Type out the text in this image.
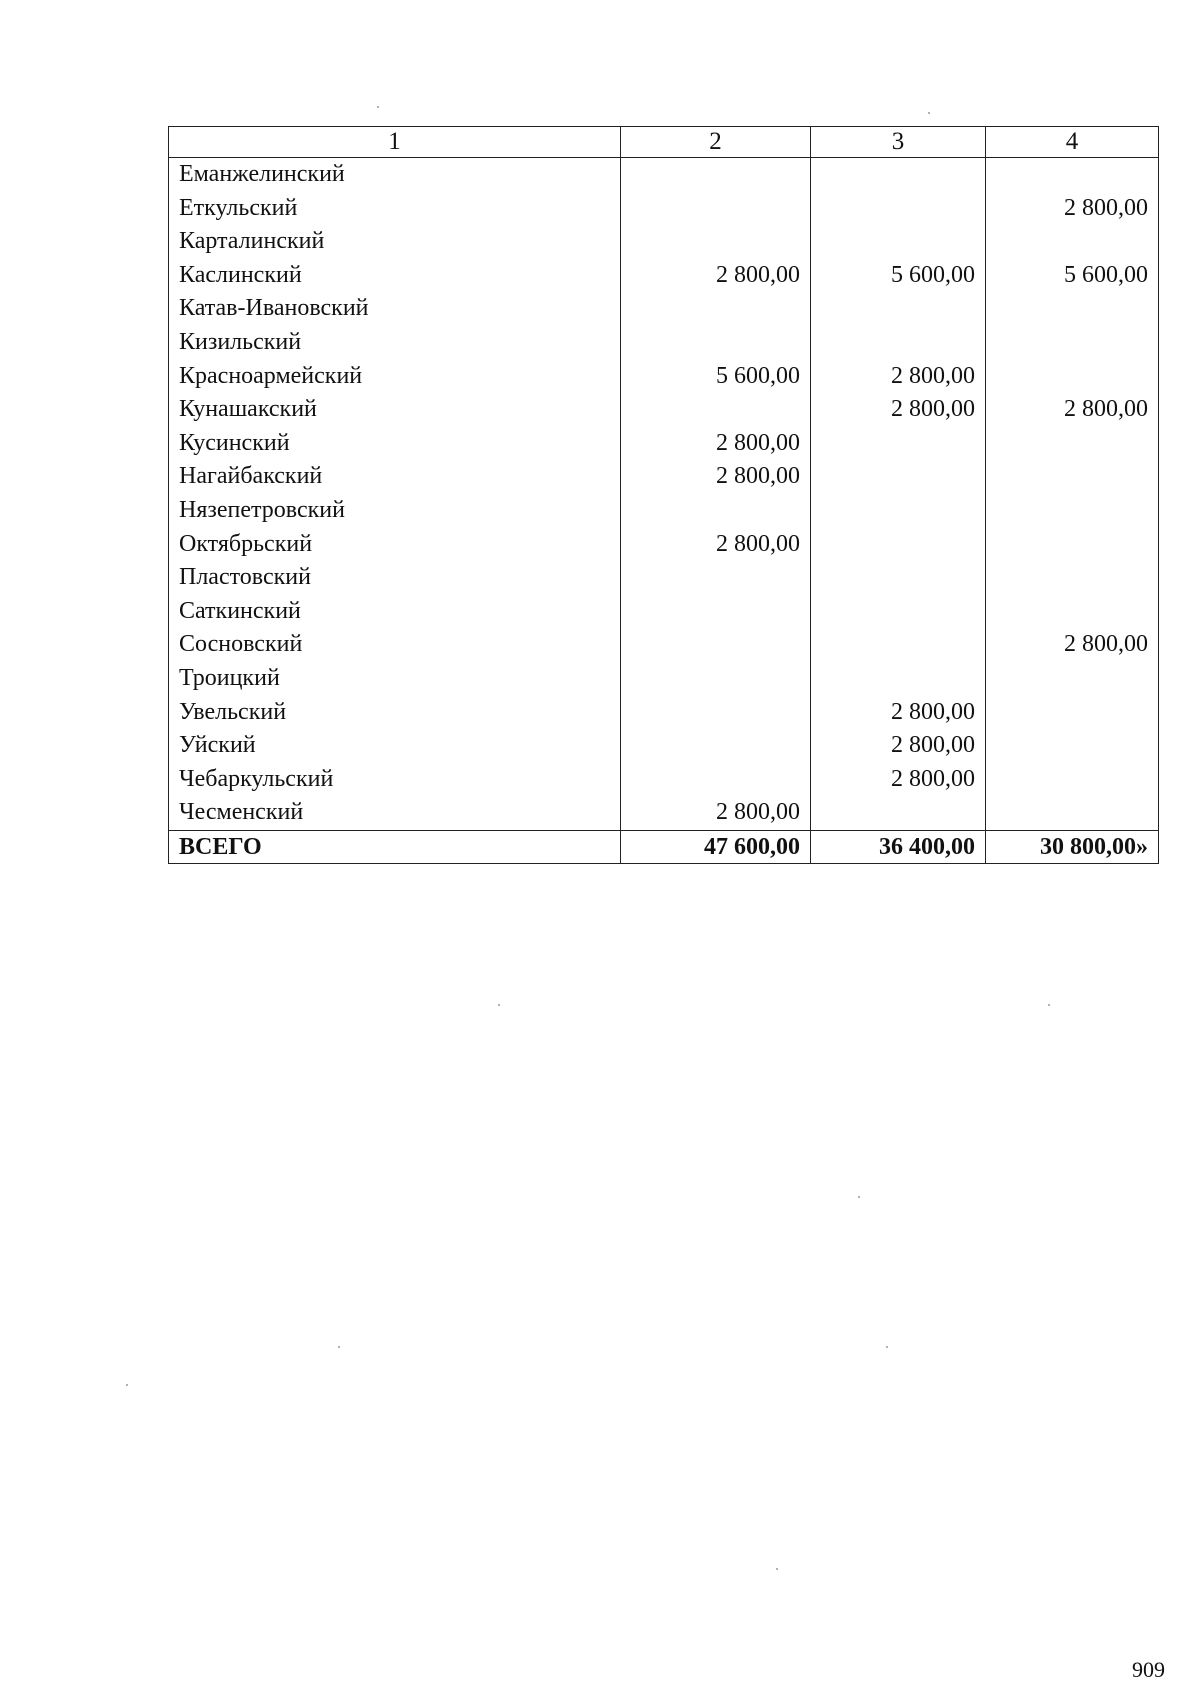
1	2	3	4
Еманжелинский			
Еткульский			2 800,00
Карталинский			
Каслинский	2 800,00	5 600,00	5 600,00
Катав-Ивановский			
Кизильский			
Красноармейский	5 600,00	2 800,00	
Кунашакский		2 800,00	2 800,00
Кусинский	2 800,00		
Нагайбакский	2 800,00		
Нязепетровский			
Октябрьский	2 800,00		
Пластовский			
Саткинский			
Сосновский			2 800,00
Троицкий			
Увельский		2 800,00	
Уйский		2 800,00	
Чебаркульский		2 800,00	
Чесменский	2 800,00		
ВСЕГО	47 600,00	36 400,00	30 800,00»
909
